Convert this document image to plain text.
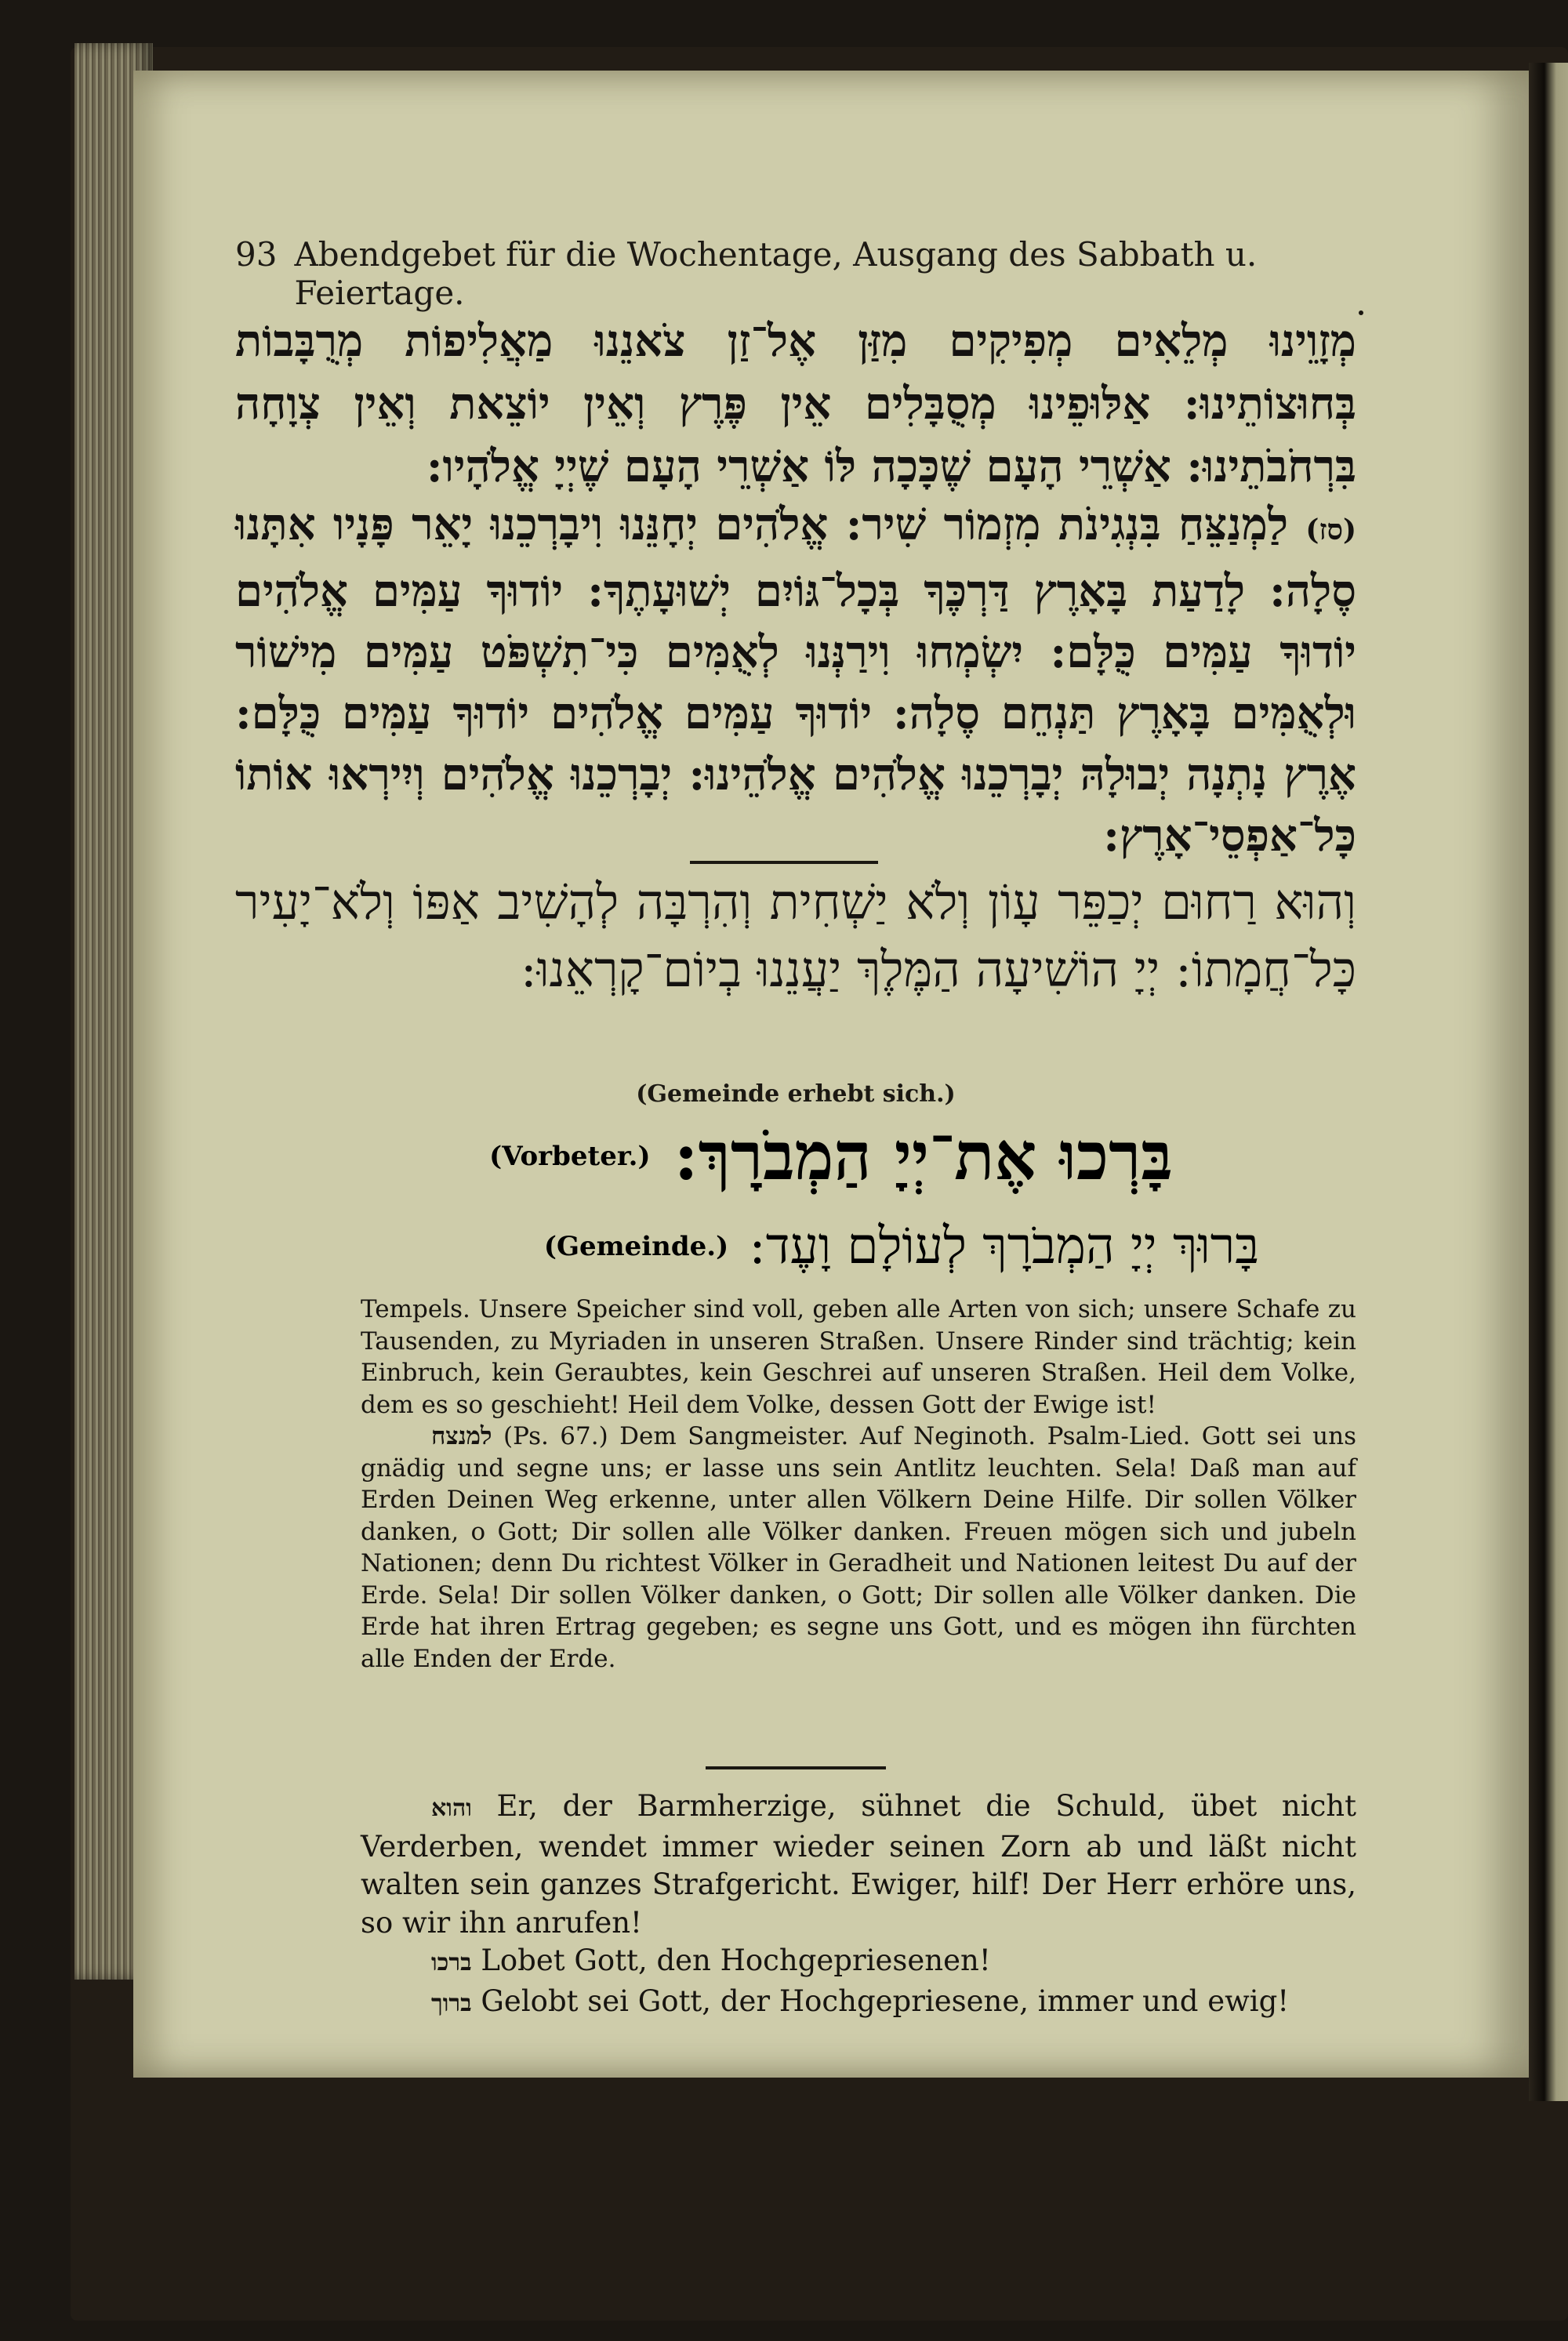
93 Abendgebet für die Wochentage, Ausgang des Sabbath u. Feiertage.
מְזָוֵינוּ מְלֵאִים מְפִיקִים מִזַּן אֶל־זַן צֹאנֵנוּ מַאֲלִיפוֹת מְרֻבָּבוֹת בְּחוּצוֹתֵינוּ: אַלּוּפֵינוּ מְסֻבָּלִים אֵין פֶּרֶץ וְאֵין יוֹצֵאת וְאֵין צְוָחָה בִּרְחֹבֹתֵינוּ: אַשְׁרֵי הָעָם שֶׁכָּכָה לּוֹ אַשְׁרֵי הָעָם שֶׁיְיָ אֱלֹהָיו:
(סז) לַמְנַצֵּחַ בִּנְגִינֹת מִזְמוֹר שִׁיר: אֱלֹהִים יְחָנֵּנוּ וִיבָרְכֵנוּ יָאֵר פָּנָיו אִתָּנוּ סֶלָה: לָדַעַת בָּאָרֶץ דַּרְכֶּךָ בְּכָל־גּוֹיִם יְשׁוּעָתֶךָ: יוֹדוּךָ עַמִּים אֱלֹהִים יוֹדוּךָ עַמִּים כֻּלָּם: יִשְׂמְחוּ וִירַנְּנוּ לְאֻמִּים כִּי־תִשְׁפֹּט עַמִּים מִישׁוֹר וּלְאֻמִּים בָּאָרֶץ תַּנְחֵם סֶלָה: יוֹדוּךָ עַמִּים אֱלֹהִים יוֹדוּךָ עַמִּים כֻּלָּם: אֶרֶץ נָתְנָה יְבוּלָהּ יְבָרְכֵנוּ אֱלֹהִים אֱלֹהֵינוּ: יְבָרְכֵנוּ אֱלֹהִים וְיִירְאוּ אוֹתוֹ כָּל־אַפְסֵי־אָרֶץ:
וְהוּא רַחוּם יְכַפֵּר עָוֹן וְלֹא יַשְׁחִית וְהִרְבָּה לְהָשִׁיב אַפּוֹ וְלֹא־יָעִיר כָּל־חֲמָתוֹ: יְיָ הוֹשִׁיעָה הַמֶּלֶךְ יַעֲנֵנוּ בְיוֹם־קָרְאֵנוּ:
(Gemeinde erhebt sich.)
(Vorbeter.) בָּרְכוּ אֶת־יְיָ הַמְבֹרָךְ:
(Gemeinde.) בָּרוּךְ יְיָ הַמְבֹרָךְ לְעוֹלָם וָעֶד:

Tempels. Unsere Speicher sind voll, geben alle Arten von sich; unsere Schafe zu Tausenden, zu Myriaden in unseren Straßen. Unsere Rinder sind trächtig; kein Einbruch, kein Geraubtes, kein Geschrei auf unseren Straßen. Heil dem Volke, dem es so geschieht! Heil dem Volke, dessen Gott der Ewige ist!

למנצח (Ps. 67.) Dem Sangmeister. Auf Neginoth. Psalm-Lied. Gott sei uns gnädig und segne uns; er lasse uns sein Antlitz leuchten. Sela! Daß man auf Erden Deinen Weg erkenne, unter allen Völkern Deine Hilfe. Dir sollen Völker danken, o Gott; Dir sollen alle Völker danken. Freuen mögen sich und jubeln Nationen; denn Du richtest Völker in Geradheit und Nationen leitest Du auf der Erde. Sela! Dir sollen Völker danken, o Gott; Dir sollen alle Völker danken. Die Erde hat ihren Ertrag gegeben; es segne uns Gott, und es mögen ihn fürchten alle Enden der Erde.

והוא Er, der Barmherzige, sühnet die Schuld, übet nicht Verderben, wendet immer wieder seinen Zorn ab und läßt nicht walten sein ganzes Strafgericht. Ewiger, hilf! Der Herr erhöre uns, so wir ihn anrufen!

ברכו Lobet Gott, den Hochgepriesenen!

ברוך Gelobt sei Gott, der Hochgepriesene, immer und ewig!
